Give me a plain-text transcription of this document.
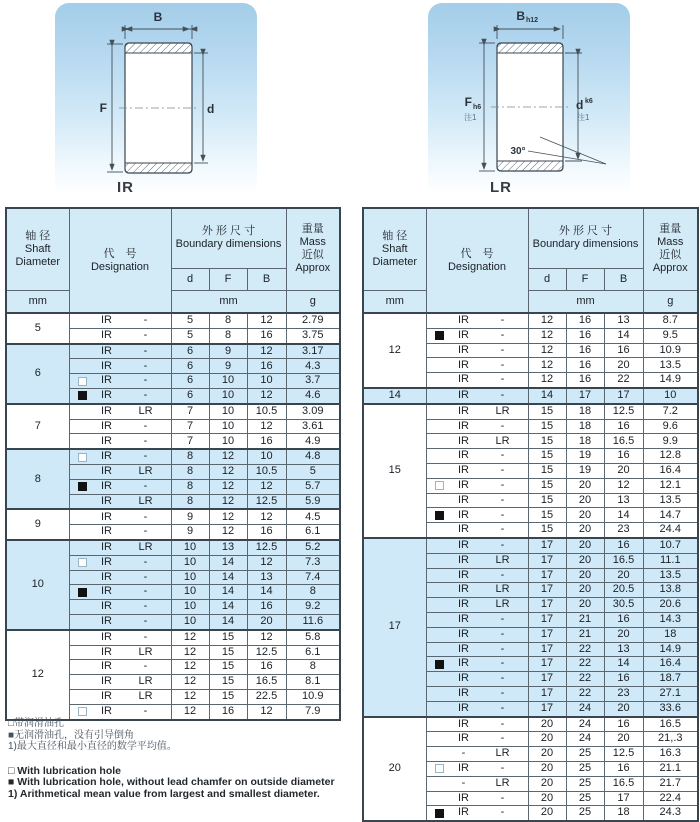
B
F	d
IR
B h12
F h6
注1
d k6
注1
30°
LR
轴 径
Shaft
Diameter

代　号
Designation

外 形 尺 寸
Boundary dimensions

重量
Mass
近似
Approx

		d	F	B	
mm		mm			g
5	IR -	5	8	12	2.79

	IR -	5	8	16	3.75
6	IR -	6	9	12	3.17

	IR -	6	9	16	4.3

	IR -	6	10	10	3.7

	IR -	6	10	12	4.6
7	IR LR	7	10	10.5	3.09

	IR -	7	10	12	3.61

	IR -	7	10	16	4.9
8	IR -	8	12	10	4.8

	IR LR	8	12	10.5	5

	IR -	8	12	12	5.7

	IR LR	8	12	12.5	5.9
9	IR -	9	12	12	4.5

	IR -	9	12	16	6.1
10	IR LR	10	13	12.5	5.2

	IR -	10	14	12	7.3

	IR -	10	14	13	7.4

	IR -	10	14	14	8

	IR -	10	14	16	9.2

	IR -	10	14	20	11.6
12	IR -	12	15	12	5.8

	IR LR	12	15	12.5	6.1

	IR -	12	15	16	8

	IR LR	12	15	16.5	8.1

	IR LR	12	15	22.5	10.9

	IR -	12	16	12	7.9
轴 径
Shaft
Diameter

代　号
Designation

外 形 尺 寸
Boundary dimensions

重量
Mass
近似
Approx

		d	F	B	
mm		mm			g
12	IR -	12	16	13	8.7

	IR -	12	16	14	9.5

	IR -	12	16	16	10.9

	IR -	12	16	20	13.5

	IR -	12	16	22	14.9
14	IR -	14	17	17	10
15	IR LR	15	18	12.5	7.2

	IR -	15	18	16	9.6

	IR LR	15	18	16.5	9.9

	IR -	15	19	16	12.8

	IR -	15	19	20	16.4

	IR -	15	20	12	12.1

	IR -	15	20	13	13.5

	IR -	15	20	14	14.7

	IR -	15	20	23	24.4
17	IR -	17	20	16	10.7

	IR LR	17	20	16.5	11.1

	IR -	17	20	20	13.5

	IR LR	17	20	20.5	13.8

	IR LR	17	20	30.5	20.6

	IR -	17	21	16	14.3

	IR -	17	21	20	18

	IR -	17	22	13	14.9

	IR -	17	22	14	16.4

	IR -	17	22	16	18.7

	IR -	17	22	23	27.1

	IR -	17	24	20	33.6
20	IR -	20	24	16	16.5

	IR -	20	24	20	21,.3

	- LR	20	25	12.5	16.3

	IR -	20	25	16	21.1

	- LR	20	25	16.5	21.7

	IR -	20	25	17	22.4

	IR -	20	25	18	24.3
□带润滑油孔
■无润滑油孔，没有引导倒角
1)最大直径和最小直径的数学平均值。
□ With lubrication hole
■ With lubrication hole, without lead chamfer on outside diameter
1) Arithmetical mean value from largest and smallest diameter.
